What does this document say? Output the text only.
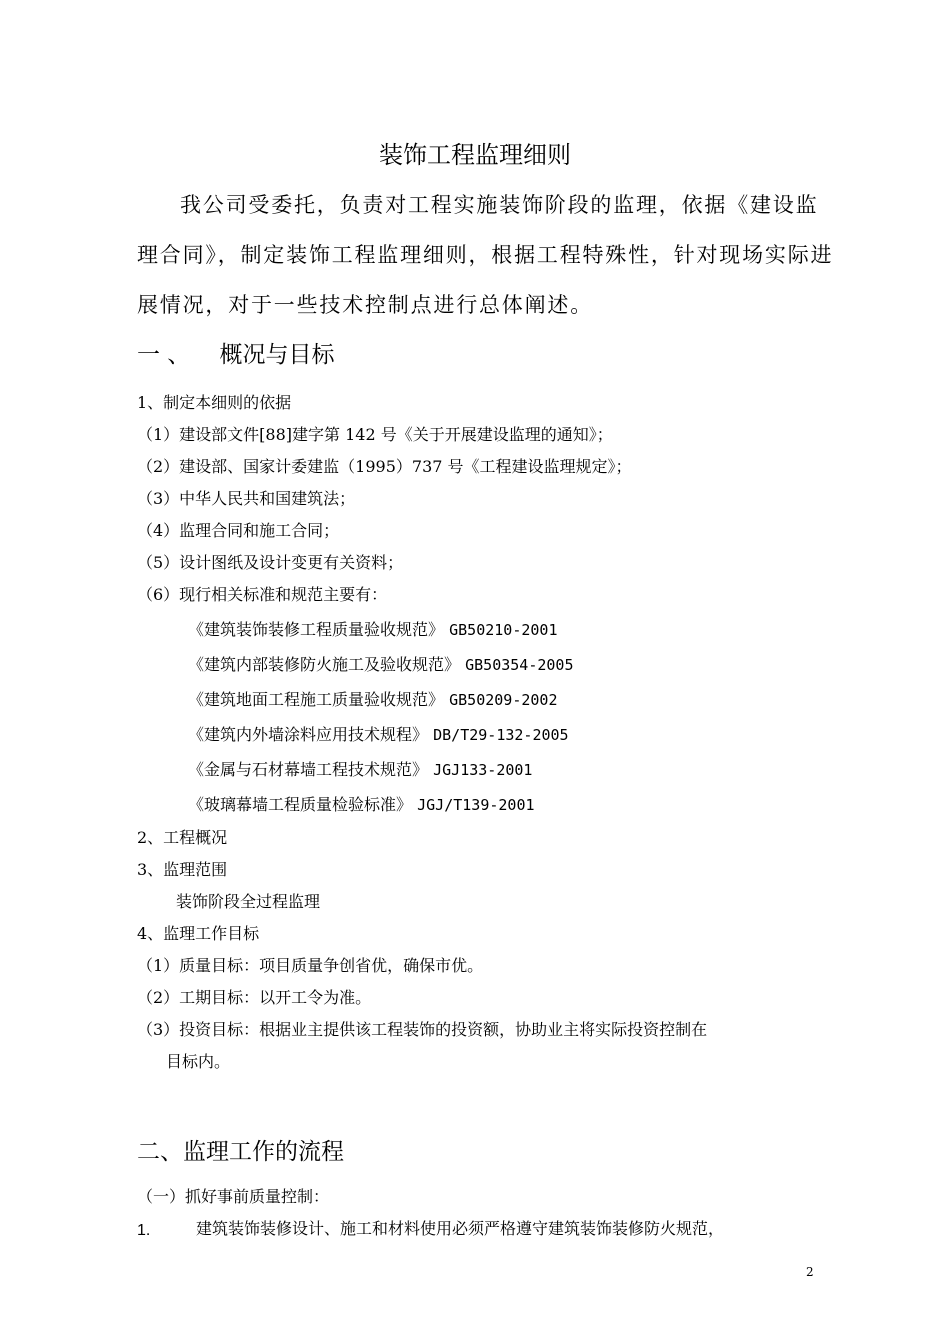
装饰工程监理细则
我公司受委托，负责对工程实施装饰阶段的监理，依据《建设监
理合同》，制定装饰工程监理细则，根据工程特殊性，针对现场实际进
展情况，对于一些技术控制点进行总体阐述。
一 、    概况与目标
1、制定本细则的依据
（1）建设部文件[88]建字第 142 号《关于开展建设监理的通知》；
（2）建设部、国家计委建监（1995）737 号《工程建设监理规定》；
（3）中华人民共和国建筑法；
（4）监理合同和施工合同；
（5）设计图纸及设计变更有关资料；
（6）现行相关标准和规范主要有：
《建筑装饰装修工程质量验收规范》 GB50210-2001
《建筑内部装修防火施工及验收规范》 GB50354-2005
《建筑地面工程施工质量验收规范》 GB50209-2002
《建筑内外墙涂料应用技术规程》 DB/T29-132-2005
《金属与石材幕墙工程技术规范》 JGJ133-2001
《玻璃幕墙工程质量检验标准》 JGJ/T139-2001
2、工程概况
3、监理范围
装饰阶段全过程监理
4、监理工作目标
（1）质量目标：项目质量争创省优，确保市优。
（2）工期目标：以开工令为准。
（3）投资目标：根据业主提供该工程装饰的投资额，协助业主将实际投资控制在
目标内。
二、监理工作的流程
（一）抓好事前质量控制：
1.	建筑装饰装修设计、施工和材料使用必须严格遵守建筑装饰装修防火规范，
2
